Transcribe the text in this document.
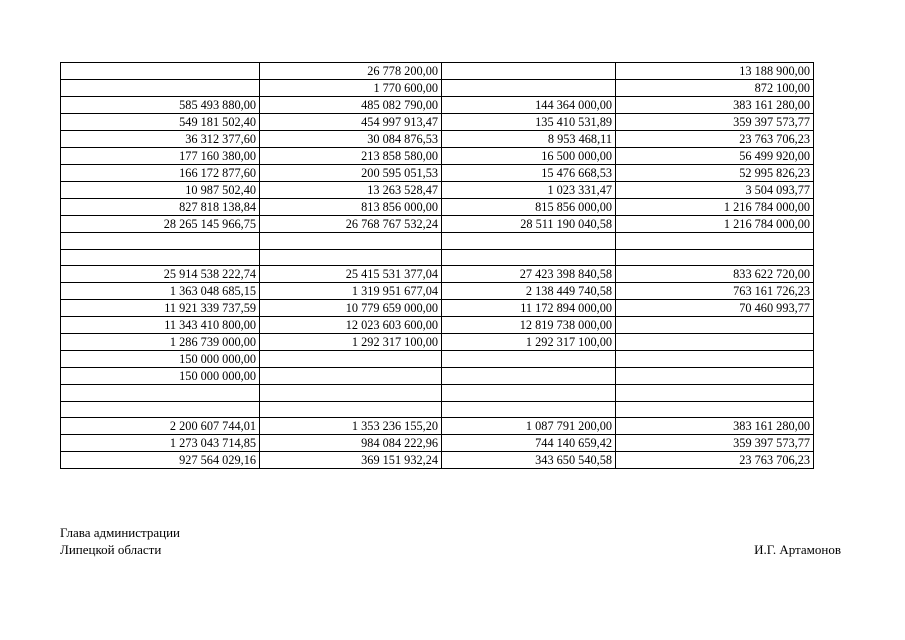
	26 778 200,00		13 188 900,00
	1 770 600,00		872 100,00
585 493 880,00	485 082 790,00	144 364 000,00	383 161 280,00
549 181 502,40	454 997 913,47	135 410 531,89	359 397 573,77
36 312 377,60	30 084 876,53	8 953 468,11	23 763 706,23
177 160 380,00	213 858 580,00	16 500 000,00	56 499 920,00
166 172 877,60	200 595 051,53	15 476 668,53	52 995 826,23
10 987 502,40	13 263 528,47	1 023 331,47	3 504 093,77
827 818 138,84	813 856 000,00	815 856 000,00	1 216 784 000,00
28 265 145 966,75	26 768 767 532,24	28 511 190 040,58	1 216 784 000,00

25 914 538 222,74	25 415 531 377,04	27 423 398 840,58	833 622 720,00
1 363 048 685,15	1 319 951 677,04	2 138 449 740,58	763 161 726,23
11 921 339 737,59	10 779 659 000,00	11 172 894 000,00	70 460 993,77
11 343 410 800,00	12 023 603 600,00	12 819 738 000,00	
1 286 739 000,00	1 292 317 100,00	1 292 317 100,00	
150 000 000,00			
150 000 000,00			

2 200 607 744,01	1 353 236 155,20	1 087 791 200,00	383 161 280,00
1 273 043 714,85	984 084 222,96	744 140 659,42	359 397 573,77
927 564 029,16	369 151 932,24	343 650 540,58	23 763 706,23
Глава администрации
Липецкой области	И.Г. Артамонов
